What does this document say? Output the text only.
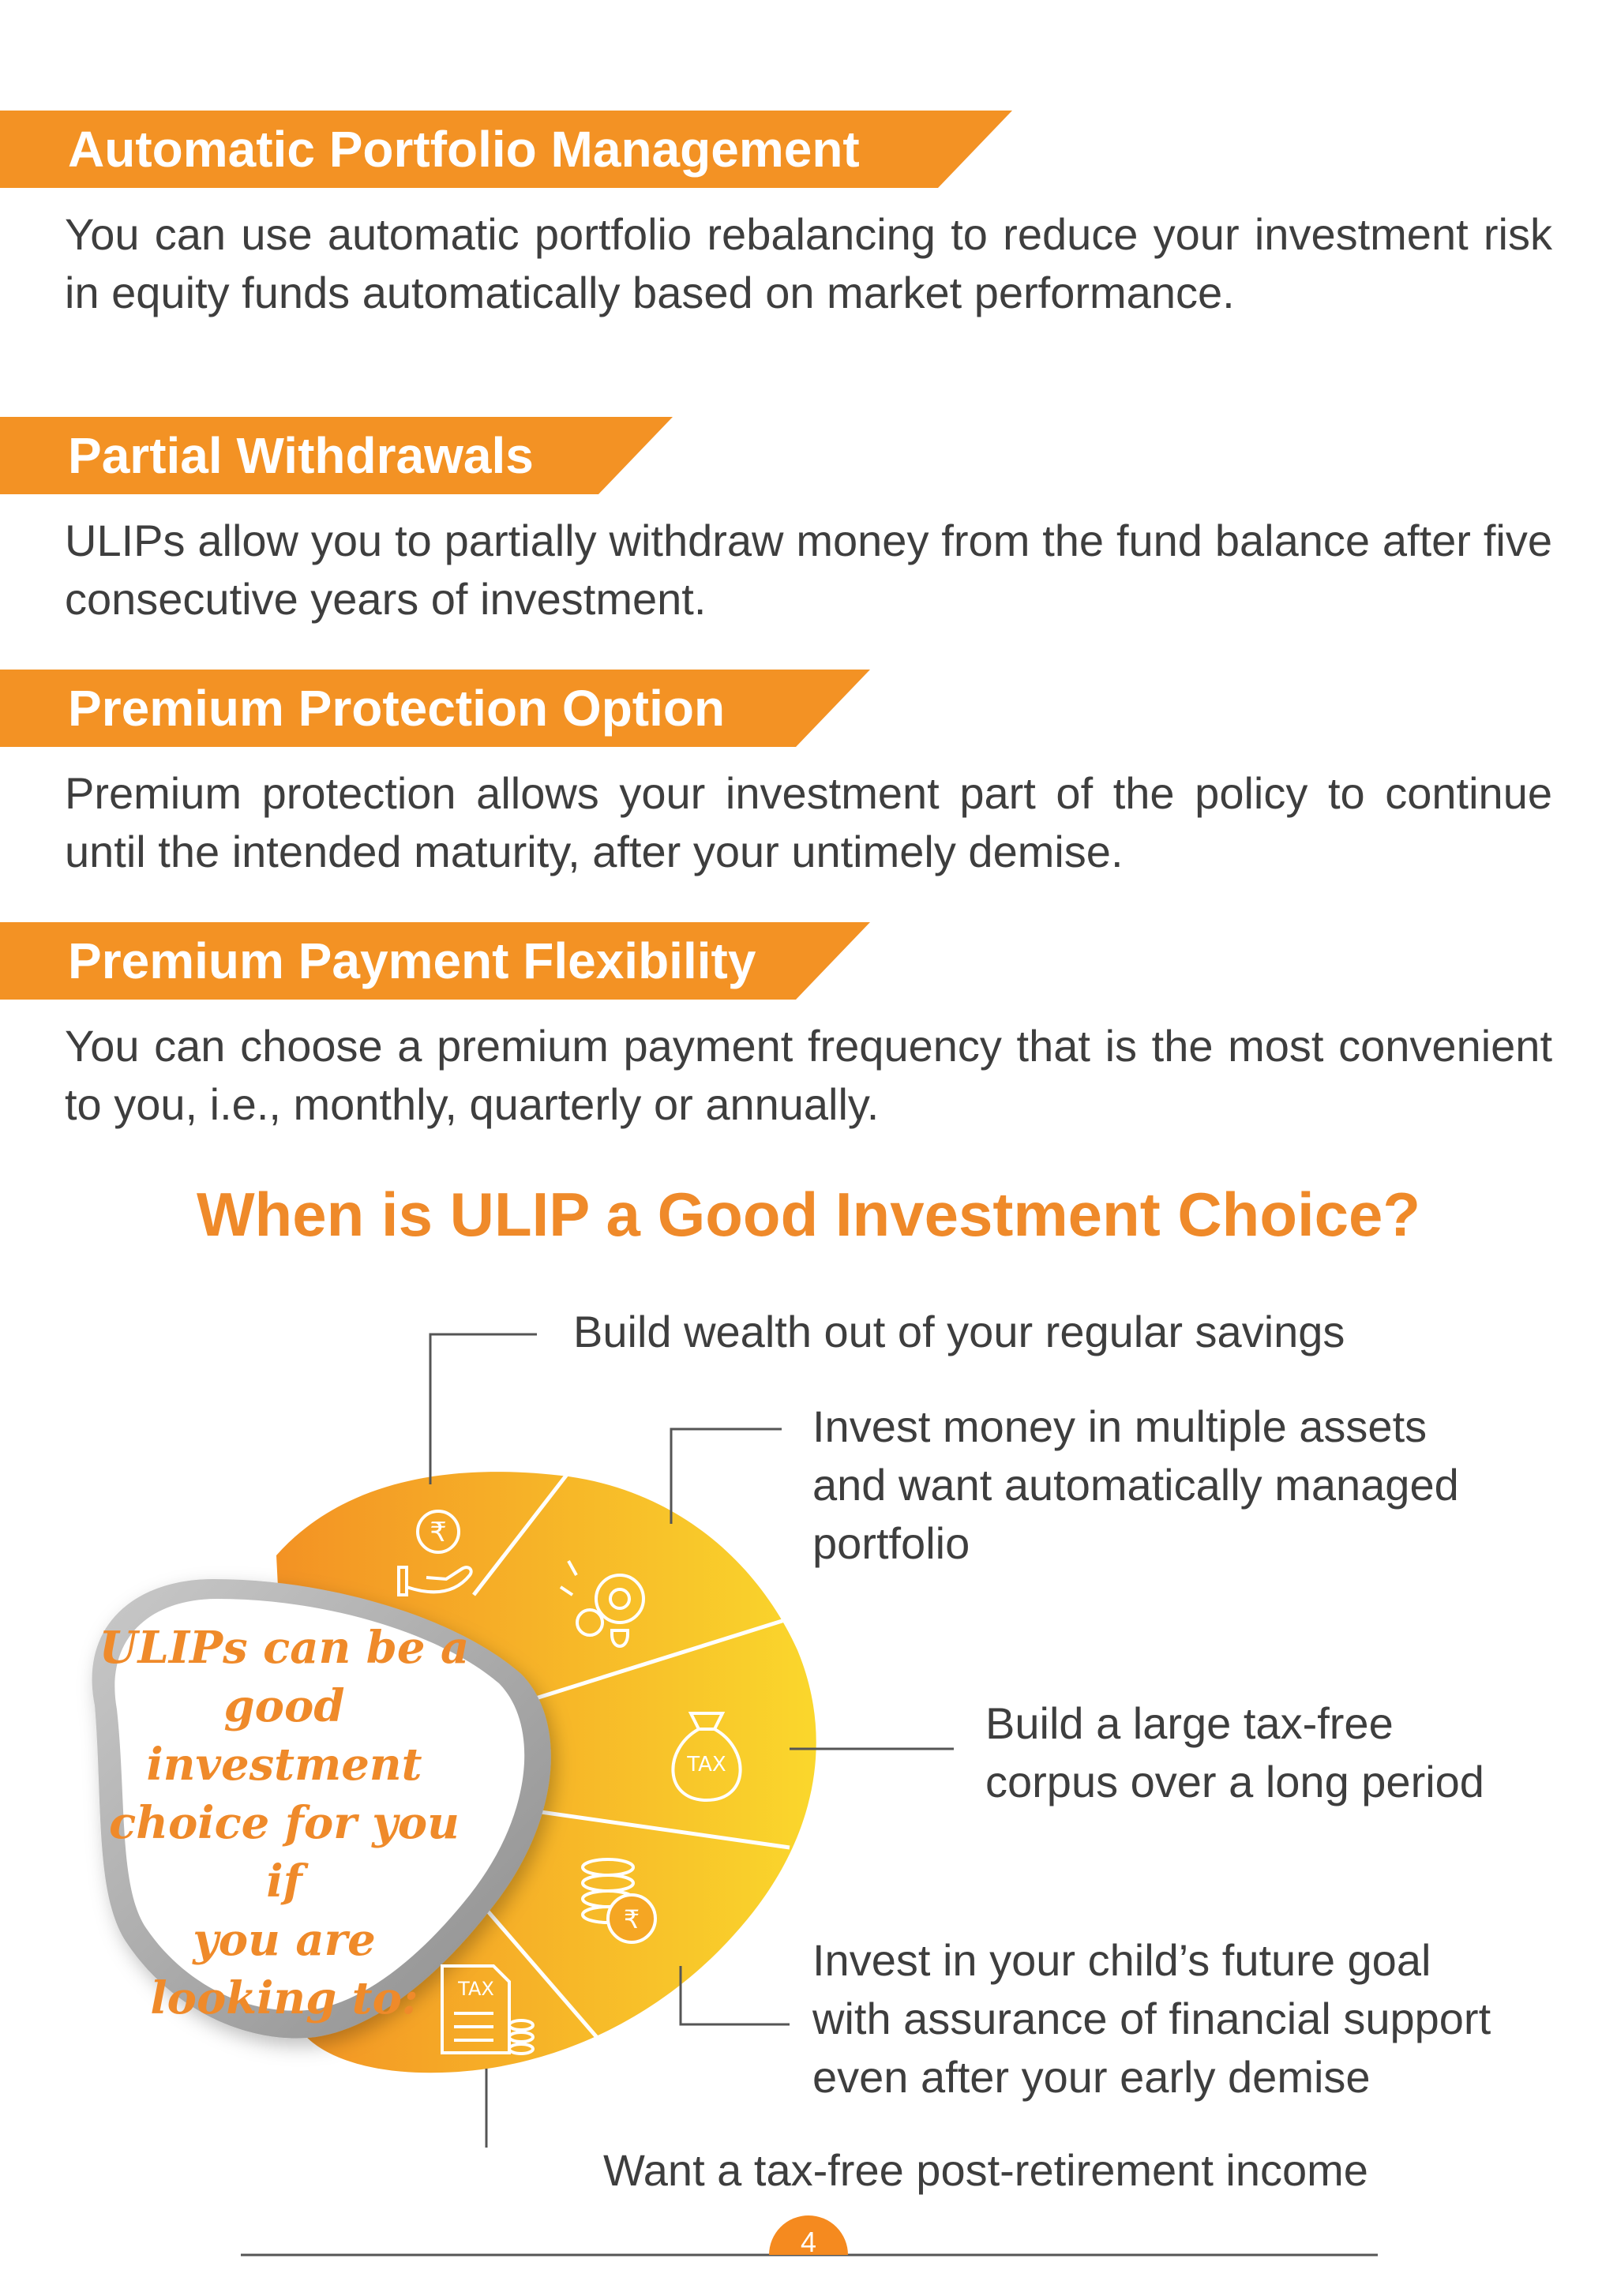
Automatic Portfolio Management

You can use automatic portfolio rebalancing to reduce your investment risk in equity funds automatically based on market performance.

Partial Withdrawals

ULIPs allow you to partially withdraw money from the fund balance after five consecutive years of investment.

Premium Protection Option

Premium protection allows your investment part of the policy to continue until the intended maturity, after your untimely demise.

Premium Payment Flexibility

You can choose a premium payment frequency that is the most convenient to you, i.e., monthly, quarterly or annually.

When is ULIP a Good Investment Choice?
₹
TAX
₹
TAX
ULIPs can be a
good investment
choice for you if
you are
looking to:
Build wealth out of your regular savings
Invest money in multiple assets
and want automatically managed
portfolio
Build a large tax-free
corpus over a long period
Invest in your child’s future goal
with assurance of financial support
even after your early demise
Want a tax-free post-retirement income
4
